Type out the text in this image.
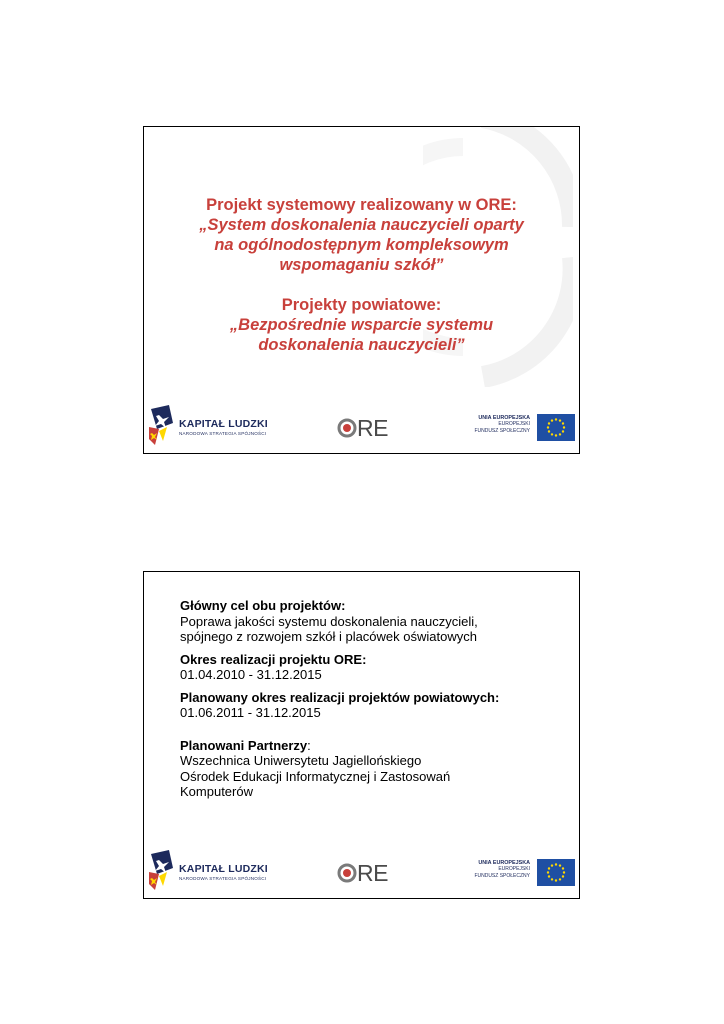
Projekt systemowy realizowany w ORE:
„System doskonalenia nauczycieli oparty
na ogólnodostępnym kompleksowym
wspomaganiu szkół”
Projekty powiatowe:
„Bezpośrednie wsparcie systemu
doskonalenia nauczycieli”
KAPITAŁ LUDZKI
NARODOWA STRATEGIA SPÓJNOŚCI	RE	UNIA EUROPEJSKA
EUROPEJSKI
FUNDUSZ SPOŁECZNY
Główny cel obu projektów:
Poprawa jakości systemu doskonalenia nauczycieli,
spójnego z rozwojem szkół i placówek oświatowych
Okres realizacji projektu ORE:
01.04.2010 - 31.12.2015
Planowany okres realizacji projektów powiatowych:
01.06.2011 - 31.12.2015
Planowani Partnerzy:
Wszechnica Uniwersytetu Jagiellońskiego
Ośrodek Edukacji Informatycznej i Zastosowań
Komputerów
KAPITAŁ LUDZKI
NARODOWA STRATEGIA SPÓJNOŚCI	RE	UNIA EUROPEJSKA
EUROPEJSKI
FUNDUSZ SPOŁECZNY
